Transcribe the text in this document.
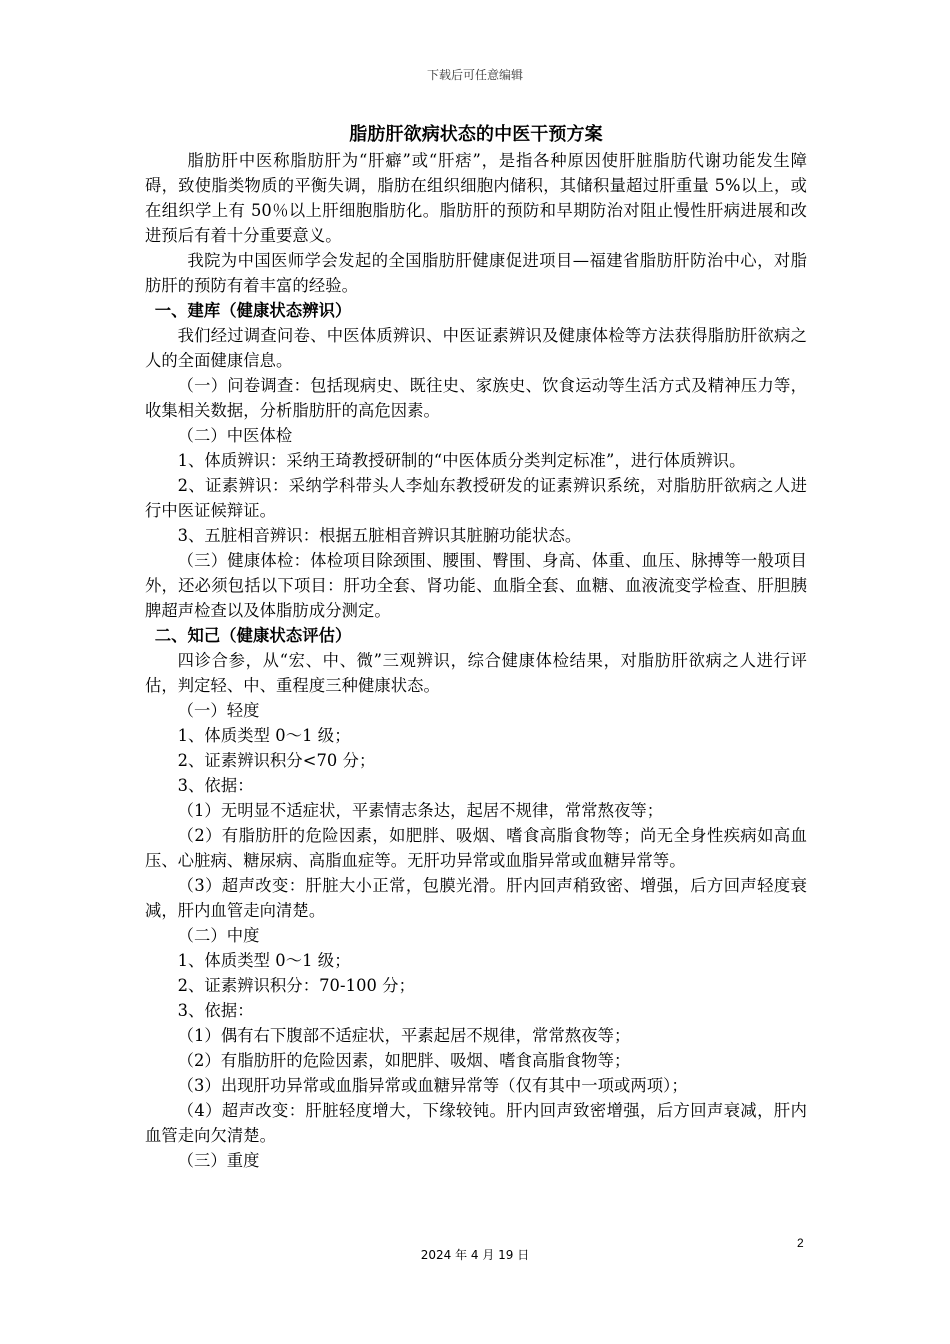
下载后可任意编辑

脂肪肝欲病状态的中医干预方案

脂肪肝中医称脂肪肝为“肝癖”或“肝痞”，是指各种原因使肝脏脂肪代谢功能发生障碍，致使脂类物质的平衡失调，脂肪在组织细胞内储积，其储积量超过肝重量 5%以上，或在组织学上有 50％以上肝细胞脂肪化。脂肪肝的预防和早期防治对阻止慢性肝病进展和改进预后有着十分重要意义。

我院为中国医师学会发起的全国脂肪肝健康促进项目—福建省脂肪肝防治中心，对脂肪肝的预防有着丰富的经验。

一、建库（健康状态辨识）

我们经过调查问卷、中医体质辨识、中医证素辨识及健康体检等方法获得脂肪肝欲病之人的全面健康信息。

（一）问卷调查：包括现病史、既往史、家族史、饮食运动等生活方式及精神压力等，收集相关数据，分析脂肪肝的高危因素。

（二）中医体检

1、体质辨识：采纳王琦教授研制的“中医体质分类判定标准”，进行体质辨识。

2、证素辨识：采纳学科带头人李灿东教授研发的证素辨识系统，对脂肪肝欲病之人进行中医证候辩证。

3、五脏相音辨识：根据五脏相音辨识其脏腑功能状态。

（三）健康体检：体检项目除颈围、腰围、臀围、身高、体重、血压、脉搏等一般项目外，还必须包括以下项目：肝功全套、肾功能、血脂全套、血糖、血液流变学检查、肝胆胰脾超声检查以及体脂肪成分测定。

二、知己（健康状态评估）

四诊合参，从“宏、中、微”三观辨识，综合健康体检结果，对脂肪肝欲病之人进行评估，判定轻、中、重程度三种健康状态。

（一）轻度

1、体质类型 0～1 级；

2、证素辨识积分<70 分；

3、依据：

（1）无明显不适症状，平素情志条达，起居不规律，常常熬夜等；

（2）有脂肪肝的危险因素，如肥胖、吸烟、嗜食高脂食物等；尚无全身性疾病如高血压、心脏病、糖尿病、高脂血症等。无肝功异常或血脂异常或血糖异常等。

（3）超声改变：肝脏大小正常，包膜光滑。肝内回声稍致密、增强，后方回声轻度衰减，肝内血管走向清楚。

（二）中度

1、体质类型 0～1 级；

2、证素辨识积分：70-100 分；

3、依据：

（1）偶有右下腹部不适症状，平素起居不规律，常常熬夜等；

（2）有脂肪肝的危险因素，如肥胖、吸烟、嗜食高脂食物等；

（3）出现肝功异常或血脂异常或血糖异常等（仅有其中一项或两项）；

（4）超声改变：肝脏轻度增大，下缘较钝。肝内回声致密增强，后方回声衰减，肝内血管走向欠清楚。

（三）重度

2
2024 年 4 月 19 日
